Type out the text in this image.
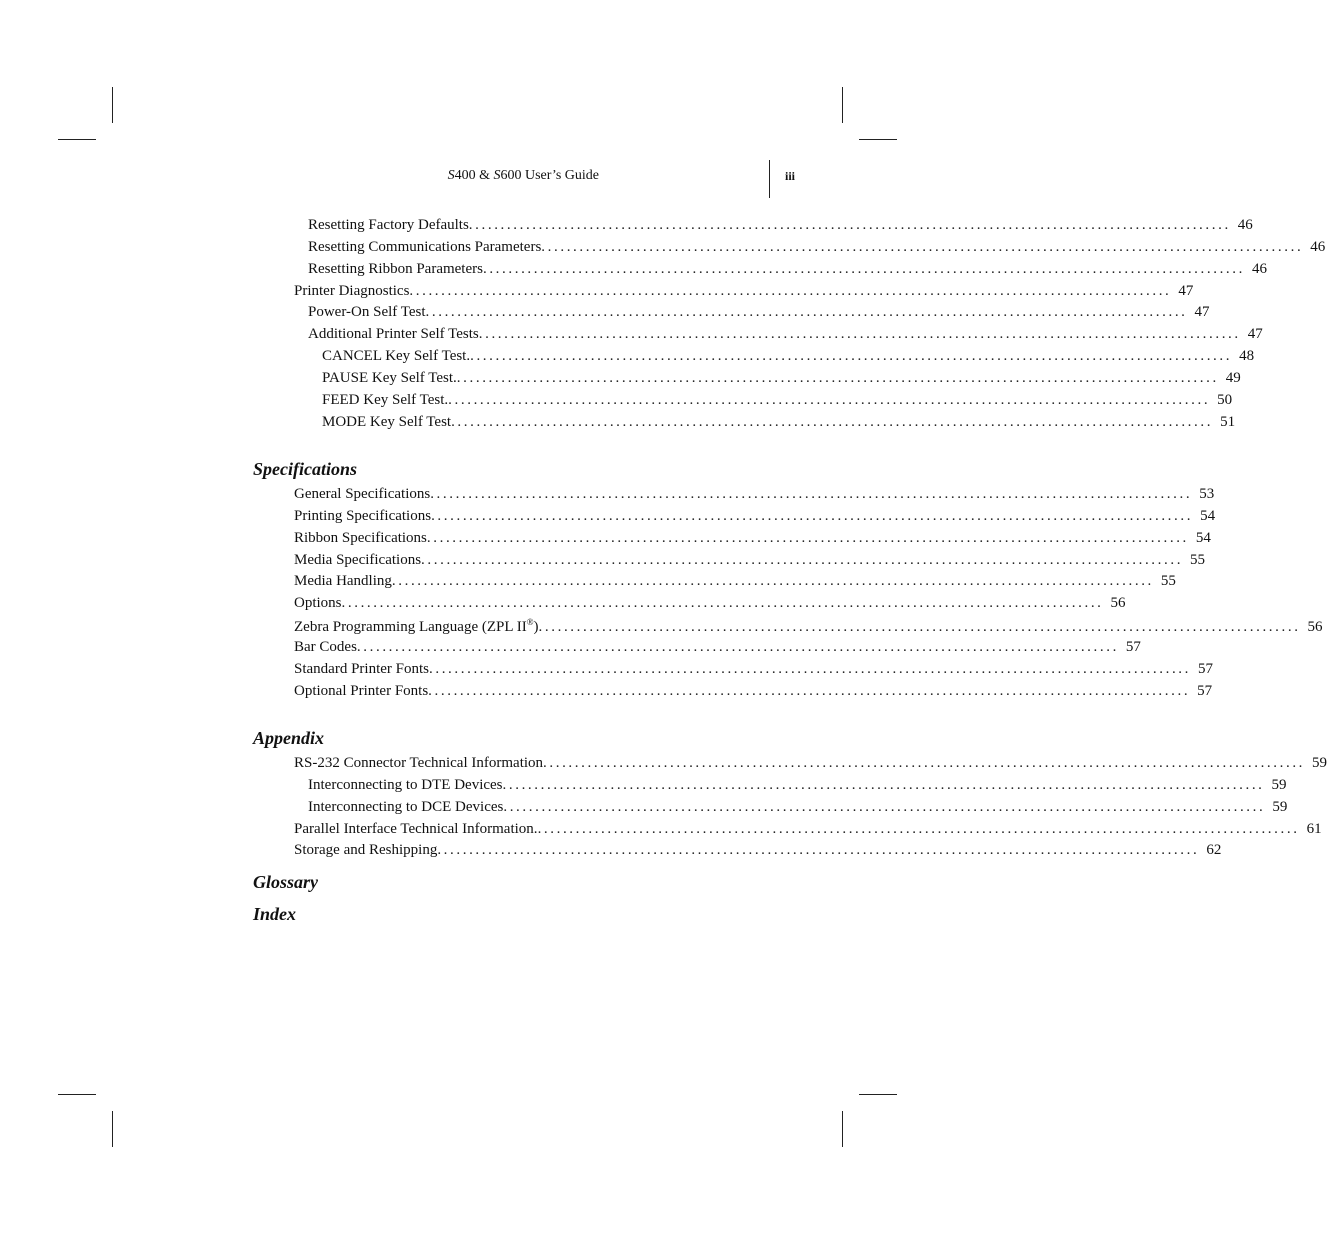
S400 & S600 User’s Guide	iii
Resetting Factory Defaults ........................................................................................................................ 46
Resetting Communications Parameters ........................................................................................................................ 46
Resetting Ribbon Parameters ........................................................................................................................ 46
Printer Diagnostics ........................................................................................................................ 47
Power-On Self Test ........................................................................................................................ 47
Additional Printer Self Tests ........................................................................................................................ 47
CANCEL Key Self Test. ........................................................................................................................ 48
PAUSE Key Self Test. ........................................................................................................................ 49
FEED Key Self Test. ........................................................................................................................ 50
MODE Key Self Test ........................................................................................................................ 51
Specifications
General Specifications ........................................................................................................................ 53
Printing Specifications ........................................................................................................................ 54
Ribbon Specifications ........................................................................................................................ 54
Media Specifications ........................................................................................................................ 55
Media Handling ........................................................................................................................ 55
Options ........................................................................................................................ 56
Zebra Programming Language (ZPL II®) ........................................................................................................................ 56
Bar Codes ........................................................................................................................ 57
Standard Printer Fonts ........................................................................................................................ 57
Optional Printer Fonts ........................................................................................................................ 57
Appendix
RS-232 Connector Technical Information ........................................................................................................................ 59
Interconnecting to DTE Devices ........................................................................................................................ 59
Interconnecting to DCE Devices ........................................................................................................................ 59
Parallel Interface Technical Information. ........................................................................................................................ 61
Storage and Reshipping ........................................................................................................................ 62
Glossary
Index
